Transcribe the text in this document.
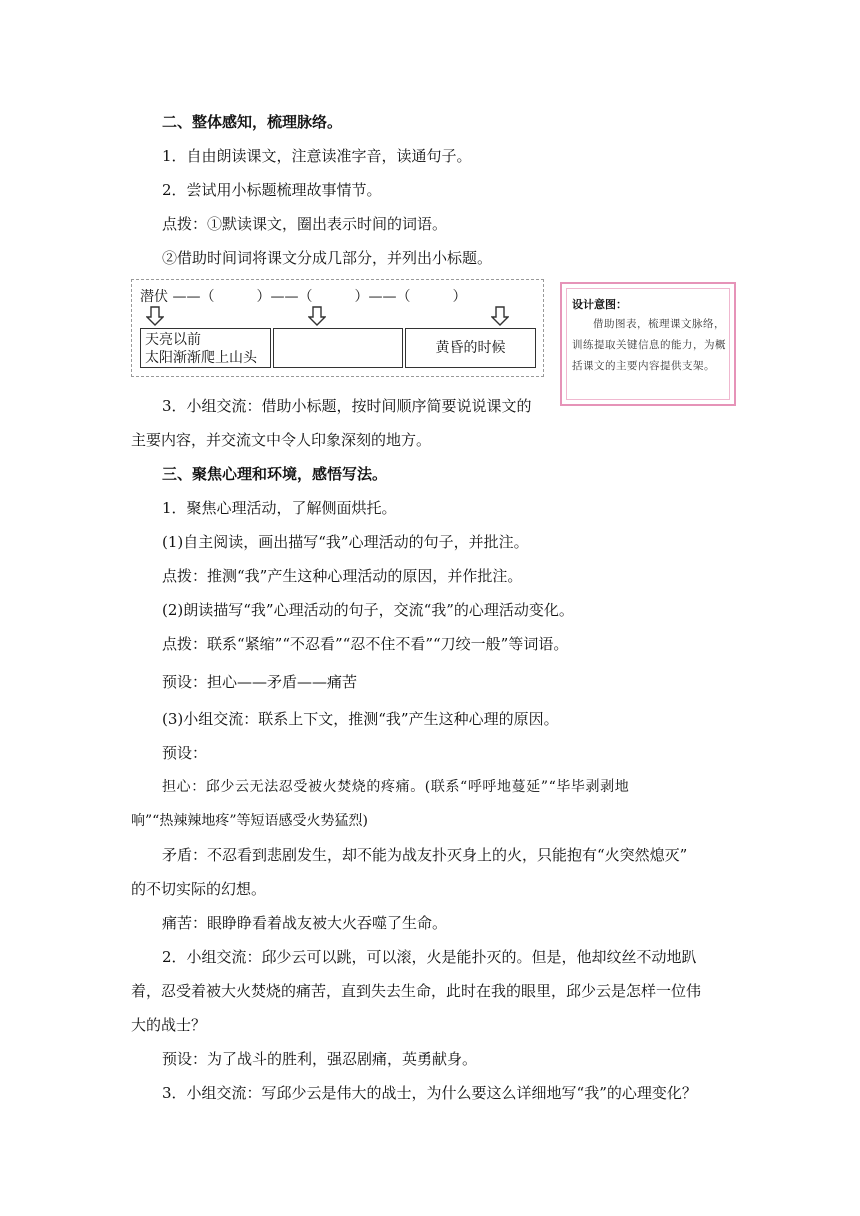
二、整体感知，梳理脉络。
1．自由朗读课文，注意读准字音，读通句子。
2．尝试用小标题梳理故事情节。
点拨：①默读课文，圈出表示时间的词语。
②借助时间词将课文分成几部分，并列出小标题。
潜伏 ——（　　　）——（　　　）——（　　　）
天亮以前
太阳渐渐爬上山头
黄昏的时候
设计意图：
借助图表，梳理课文脉络，训练提取关键信息的能力，为概括课文的主要内容提供支架。
3．小组交流：借助小标题，按时间顺序简要说说课文的
主要内容，并交流文中令人印象深刻的地方。
三、聚焦心理和环境，感悟写法。
1．聚焦心理活动，了解侧面烘托。
(1)自主阅读，画出描写“我”心理活动的句子，并批注。
点拨：推测“我”产生这种心理活动的原因，并作批注。
(2)朗读描写“我”心理活动的句子，交流“我”的心理活动变化。
点拨：联系“紧缩”“不忍看”“忍不住不看”“刀绞一般”等词语。
预设：担心——矛盾——痛苦
(3)小组交流：联系上下文，推测“我”产生这种心理的原因。
预设：
担心：邱少云无法忍受被火焚烧的疼痛。(联系“呼呼地蔓延”“毕毕剥剥地
响”“热辣辣地疼”等短语感受火势猛烈)
矛盾：不忍看到悲剧发生，却不能为战友扑灭身上的火，只能抱有“火突然熄灭”
的不切实际的幻想。
痛苦：眼睁睁看着战友被大火吞噬了生命。
2．小组交流：邱少云可以跳，可以滚，火是能扑灭的。但是，他却纹丝不动地趴
着，忍受着被大火焚烧的痛苦，直到失去生命，此时在我的眼里，邱少云是怎样一位伟
大的战士？
预设：为了战斗的胜利，强忍剧痛，英勇献身。
3．小组交流：写邱少云是伟大的战士，为什么要这么详细地写“我”的心理变化？
